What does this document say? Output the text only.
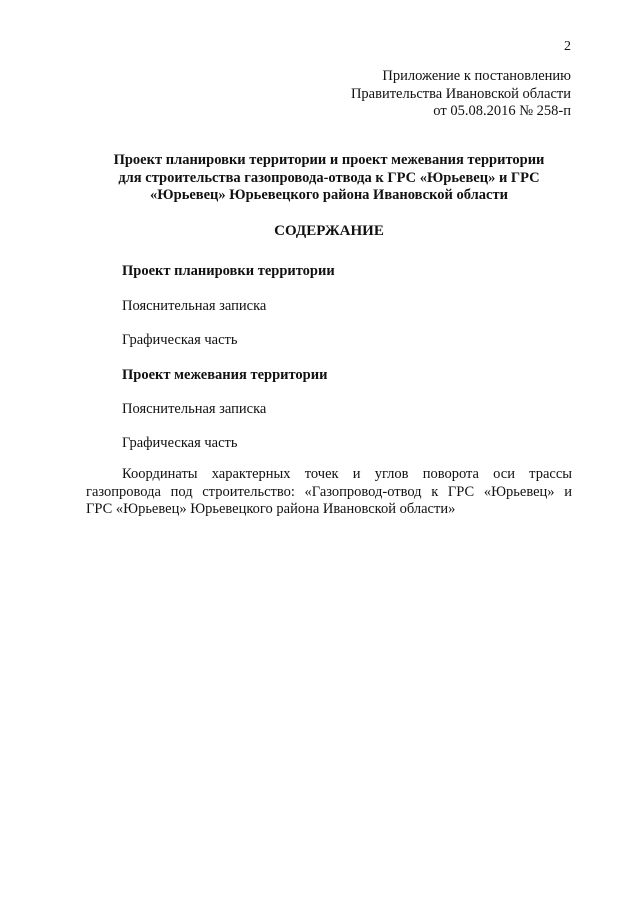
2
Приложение к постановлению
Правительства Ивановской области
от 05.08.2016 № 258-п
Проект планировки территории и проект межевания территории
для строительства газопровода-отвода к ГРС «Юрьевец» и ГРС
«Юрьевец» Юрьевецкого района Ивановской области
СОДЕРЖАНИЕ
Проект планировки территории
Пояснительная записка
Графическая часть
Проект межевания территории
Пояснительная записка
Графическая часть
Координаты характерных точек и углов поворота оси трассы
газопровода под строительство: «Газопровод-отвод к ГРС «Юрьевец» и
ГРС «Юрьевец» Юрьевецкого района Ивановской области»
